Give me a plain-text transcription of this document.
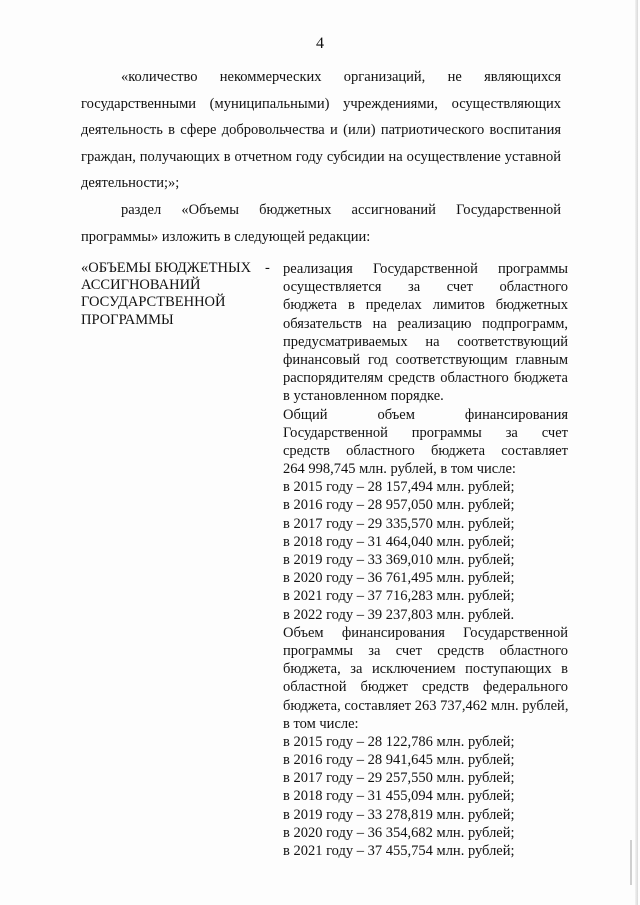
4
«количество некоммерческих организаций, не являющихся
государственными (муниципальными) учреждениями, осуществляющих
деятельность в сфере добровольчества и (или) патриотического воспитания
граждан, получающих в отчетном году субсидии на осуществление уставной
деятельности;»;
раздел «Объемы бюджетных ассигнований Государственной
программы» изложить в следующей редакции:
«ОБЪЕМЫ БЮДЖЕТНЫХ
АССИГНОВАНИЙ
ГОСУДАРСТВЕННОЙ
ПРОГРАММЫ
- реализация Государственной программы
осуществляется за счет областного
бюджета в пределах лимитов бюджетных
обязательств на реализацию подпрограмм,
предусматриваемых на соответствующий
финансовый год соответствующим главным
распорядителям средств областного бюджета
в установленном порядке.
Общий объем финансирования
Государственной программы за счет
средств областного бюджета составляет
264 998,745 млн. рублей, в том числе:
в 2015 году – 28 157,494 млн. рублей;
в 2016 году – 28 957,050 млн. рублей;
в 2017 году – 29 335,570 млн. рублей;
в 2018 году – 31 464,040 млн. рублей;
в 2019 году – 33 369,010 млн. рублей;
в 2020 году – 36 761,495 млн. рублей;
в 2021 году – 37 716,283 млн. рублей;
в 2022 году – 39 237,803 млн. рублей.
Объем финансирования Государственной
программы за счет средств областного
бюджета, за исключением поступающих в
областной бюджет средств федерального
бюджета, составляет 263 737,462 млн. рублей,
в том числе:
в 2015 году – 28 122,786 млн. рублей;
в 2016 году – 28 941,645 млн. рублей;
в 2017 году – 29 257,550 млн. рублей;
в 2018 году – 31 455,094 млн. рублей;
в 2019 году – 33 278,819 млн. рублей;
в 2020 году – 36 354,682 млн. рублей;
в 2021 году – 37 455,754 млн. рублей;
